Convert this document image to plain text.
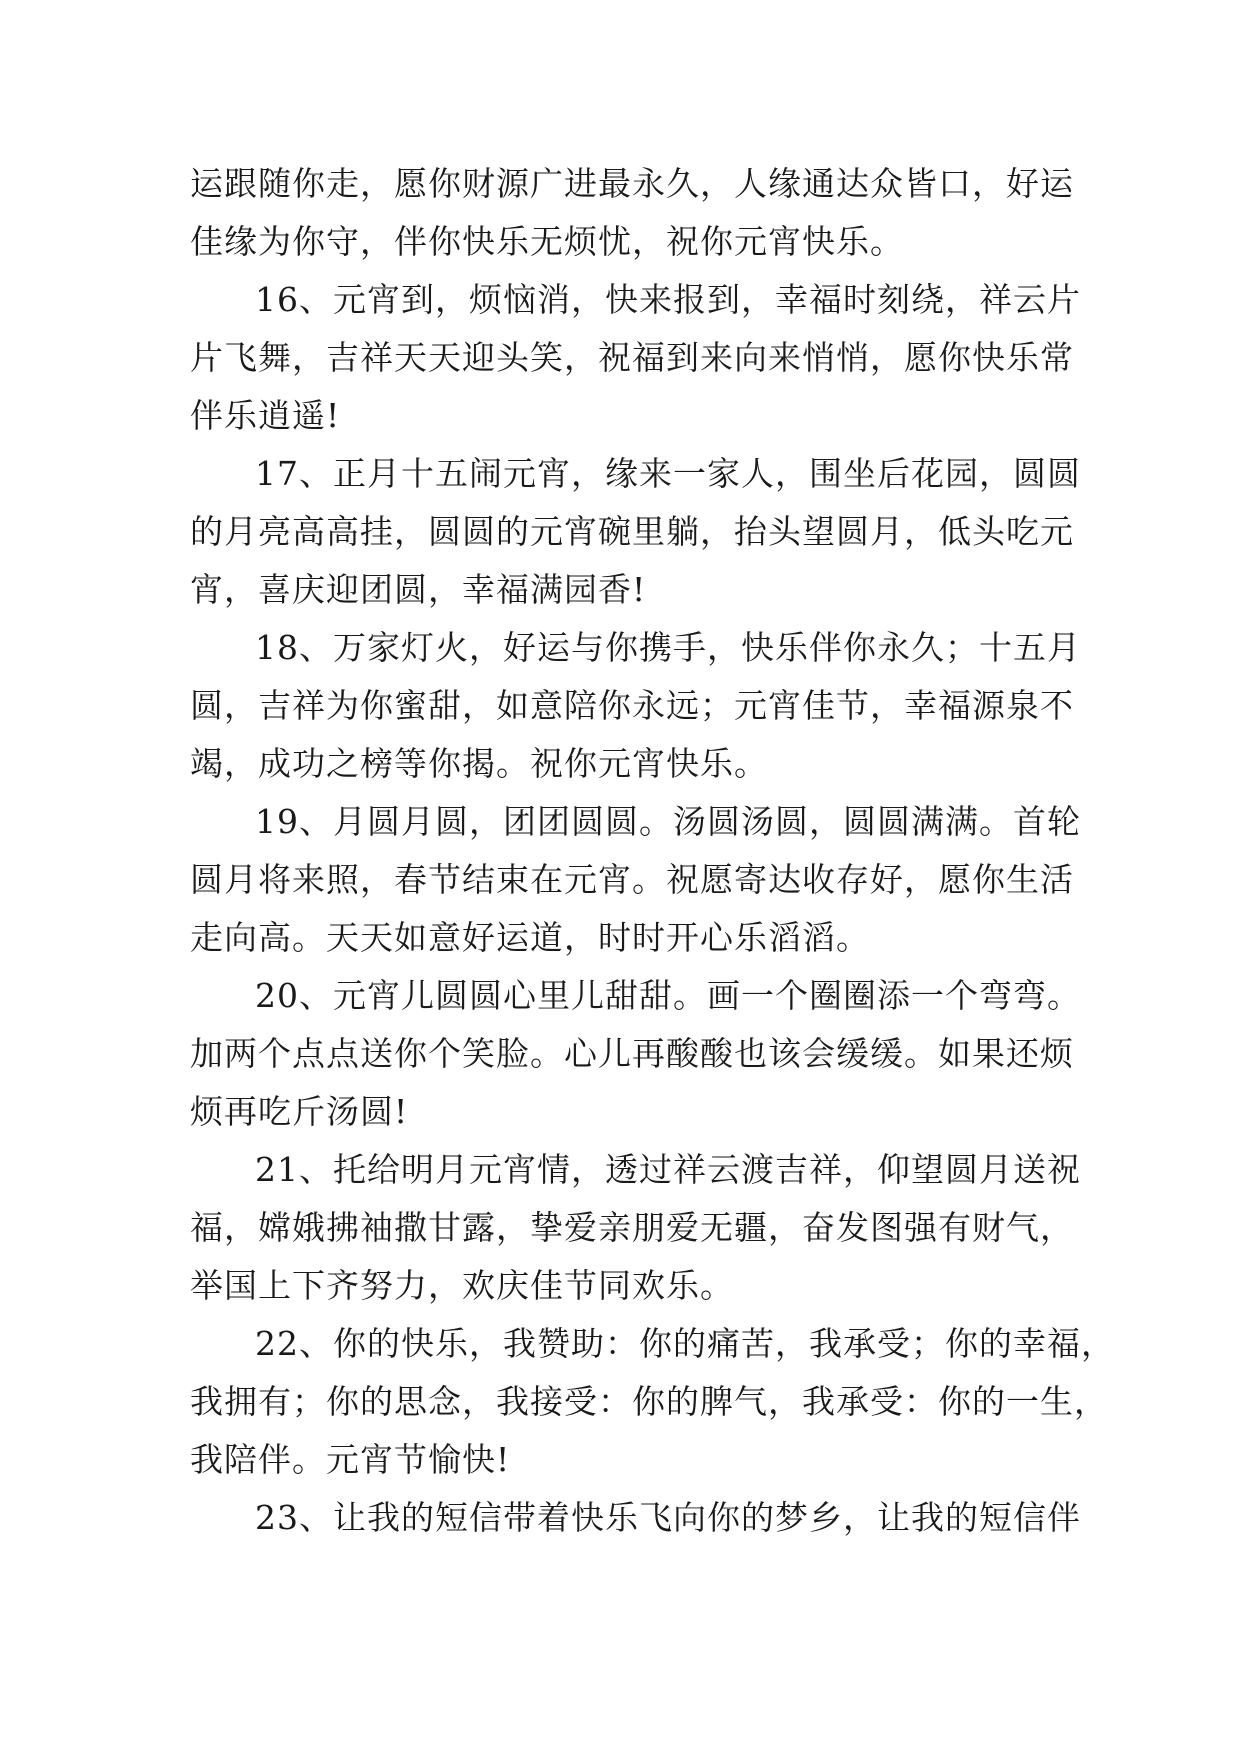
运跟随你走，愿你财源广进最永久，人缘通达众皆口，好运
佳缘为你守，伴你快乐无烦忧，祝你元宵快乐。
16、元宵到，烦恼消，快来报到，幸福时刻绕，祥云片
片飞舞，吉祥天天迎头笑，祝福到来向来悄悄，愿你快乐常
伴乐逍遥!
17、正月十五闹元宵，缘来一家人，围坐后花园，圆圆
的月亮高高挂，圆圆的元宵碗里躺，抬头望圆月，低头吃元
宵，喜庆迎团圆，幸福满园香!
18、万家灯火，好运与你携手，快乐伴你永久；十五月
圆，吉祥为你蜜甜，如意陪你永远；元宵佳节，幸福源泉不
竭，成功之榜等你揭。祝你元宵快乐。
19、月圆月圆，团团圆圆。汤圆汤圆，圆圆满满。首轮
圆月将来照，春节结束在元宵。祝愿寄达收存好，愿你生活
走向高。天天如意好运道，时时开心乐滔滔。
20、元宵儿圆圆心里儿甜甜。画一个圈圈添一个弯弯。
加两个点点送你个笑脸。心儿再酸酸也该会缓缓。如果还烦
烦再吃斤汤圆!
21、托给明月元宵情，透过祥云渡吉祥，仰望圆月送祝
福，嫦娥拂袖撒甘露，挚爱亲朋爱无疆，奋发图强有财气，
举国上下齐努力，欢庆佳节同欢乐。
22、你的快乐，我赞助：你的痛苦，我承受；你的幸福，
我拥有；你的思念，我接受：你的脾气，我承受：你的一生，
我陪伴。元宵节愉快!
23、让我的短信带着快乐飞向你的梦乡，让我的短信伴
